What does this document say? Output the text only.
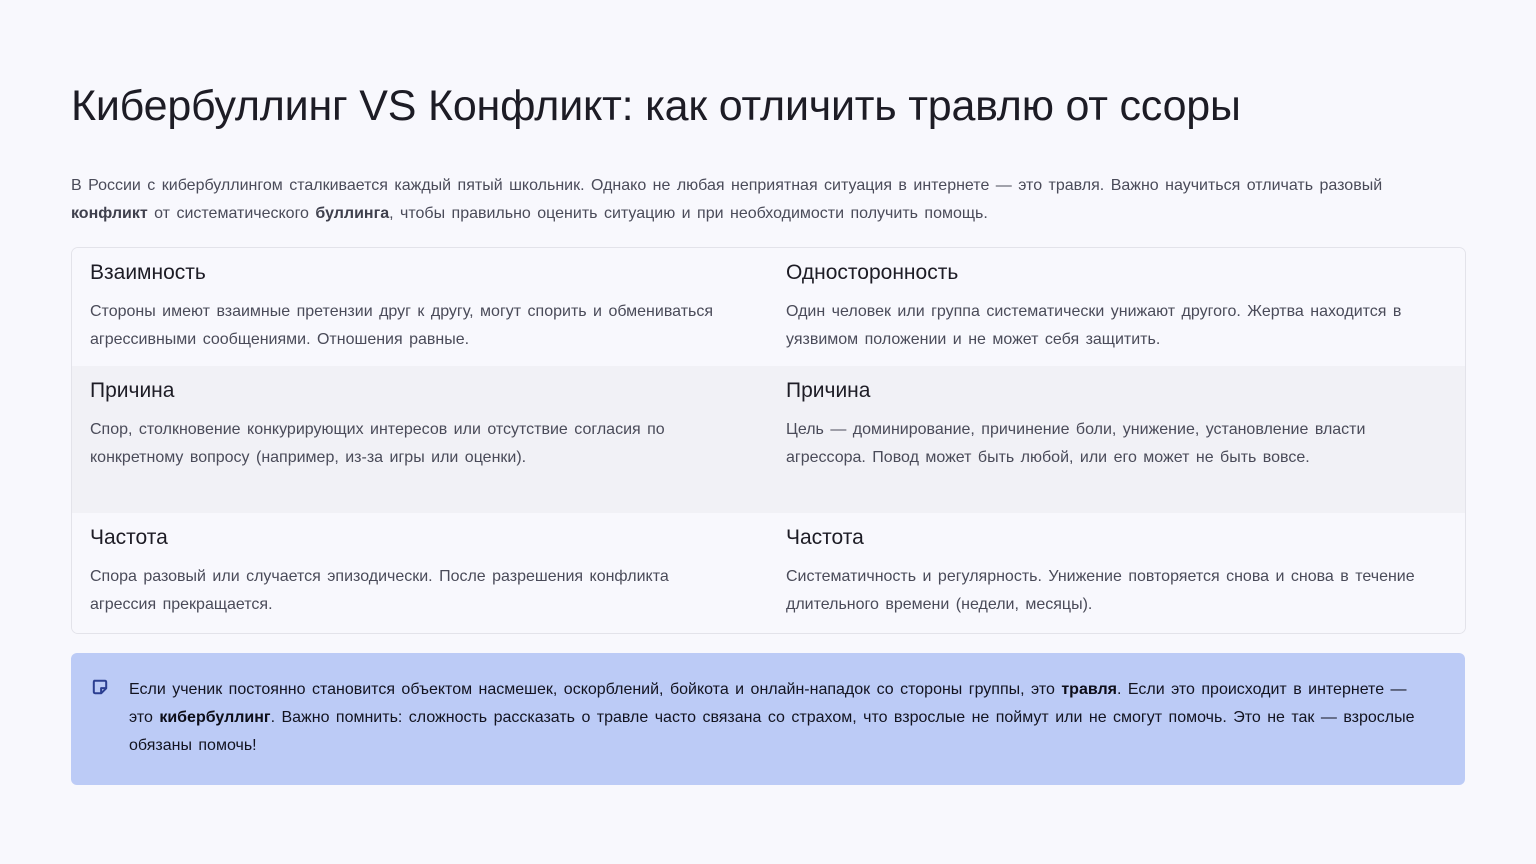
Кибербуллинг VS Конфликт: как отличить травлю от ссоры

В России с кибербуллингом сталкивается каждый пятый школьник. Однако не любая неприятная ситуация в интернете — это травля. Важно научиться отличать разовый конфликт от систематического буллинга, чтобы правильно оценить ситуацию и при необходимости получить помощь.

Взаимность

Стороны имеют взаимные претензии друг к другу, могут спорить и обмениваться агрессивными сообщениями. Отношения равные.

Односторонность

Один человек или группа систематически унижают другого. Жертва находится в уязвимом положении и не может себя защитить.

Причина

Спор, столкновение конкурирующих интересов или отсутствие согласия по конкретному вопросу (например, из-за игры или оценки).

Причина

Цель — доминирование, причинение боли, унижение, установление власти агрессора. Повод может быть любой, или его может не быть вовсе.

Частота

Спора разовый или случается эпизодически. После разрешения конфликта агрессия прекращается.

Частота

Систематичность и регулярность. Унижение повторяется снова и снова в течение длительного времени (недели, месяцы).

Если ученик постоянно становится объектом насмешек, оскорблений, бойкота и онлайн-нападок со стороны группы, это травля. Если это происходит в интернете — это кибербуллинг. Важно помнить: сложность рассказать о травле часто связана со страхом, что взрослые не поймут или не смогут помочь. Это не так — взрослые обязаны помочь!
